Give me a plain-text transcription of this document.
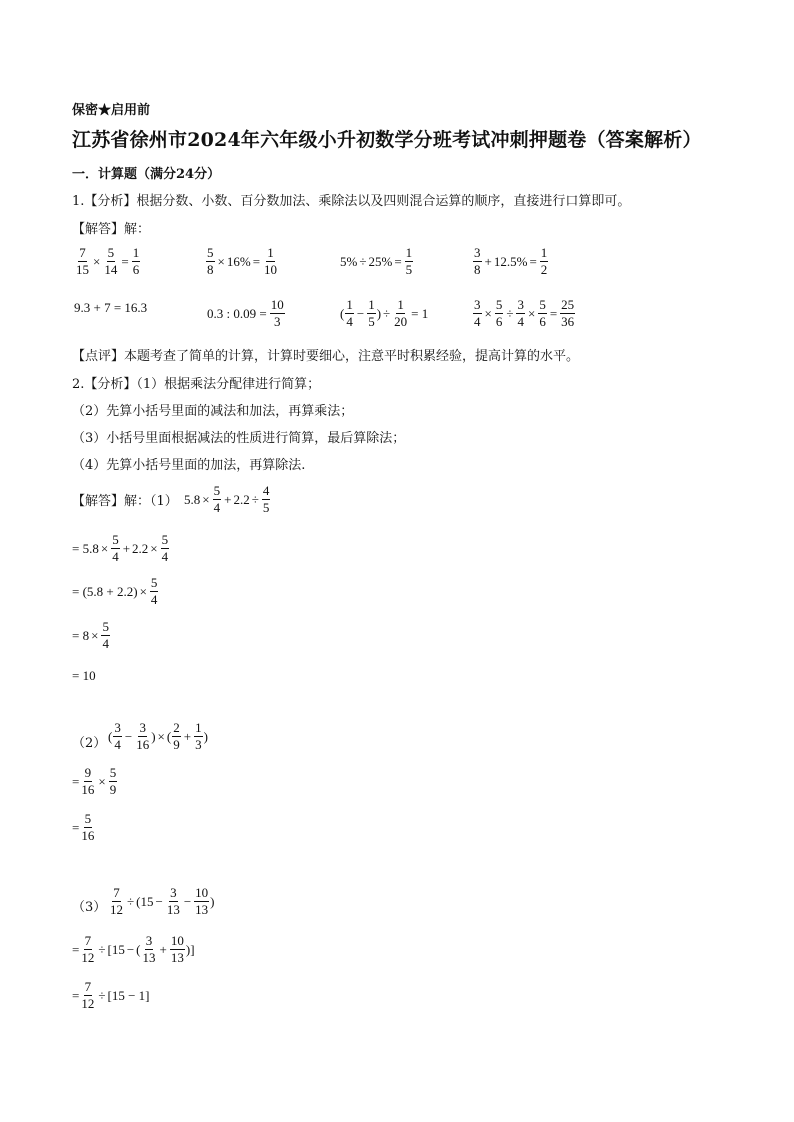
保密★启用前
江苏省徐州市2024年六年级小升初数学分班考试冲刺押题卷（答案解析）
一．计算题（满分24分）
1.【分析】根据分数、小数、百分数加法、乘除法以及四则混合运算的顺序，直接进行口算即可。
【解答】解：
$\frac{7}{15} \times \frac{5}{14} = \frac{1}{6}$	$\frac{5}{8} \times 16\% = \frac{1}{10}$	$5\% \div 25\% = \frac{1}{5}$	$\frac{3}{8} + 12.5\% = \frac{1}{2}$
9.3 + 7 = 16.3	0.3 : $0.09 = \frac{10}{3}$	( $\frac{1}{4} - \frac{1}{5}$ ) ÷ $\frac{1}{20} = 1$	$\frac{3}{4} \times \frac{5}{6} \div \frac{3}{4} \times \frac{5}{6} = \frac{25}{36}$
【点评】本题考查了简单的计算，计算时要细心，注意平时积累经验，提高计算的水平。
2.【分析】（1）根据乘法分配律进行简算；
（2）先算小括号里面的减法和加法，再算乘法；
（3）小括号里面根据减法的性质进行简算，最后算除法；
（4）先算小括号里面的加法，再算除法.
【解答】解：（1） $5.8 \times \frac{5}{4} + 2.2 \div \frac{4}{5}$
= $5.8 \times \frac{5}{4} + 2.2 \times \frac{5}{4}$
= $(5.8 + 2.2) \times \frac{5}{4}$
= $8 \times \frac{5}{4}$
= 10
（2） ( $\frac{3}{4} - \frac{3}{16}$ ) × ( $\frac{2}{9} + \frac{1}{3}$ )
= $\frac{9}{16} \times \frac{5}{9}$
= $\frac{5}{16}$
$(3) \frac{7}{12}$ ÷ ( $15 - \frac{3}{13} - \frac{10}{13}$ )
= $\frac{7}{12}$ ÷ [ 15 − ( $\frac{3}{13} + \frac{10}{13}$ ) ]
= $\frac{7}{12} \div [15 - 1]$
